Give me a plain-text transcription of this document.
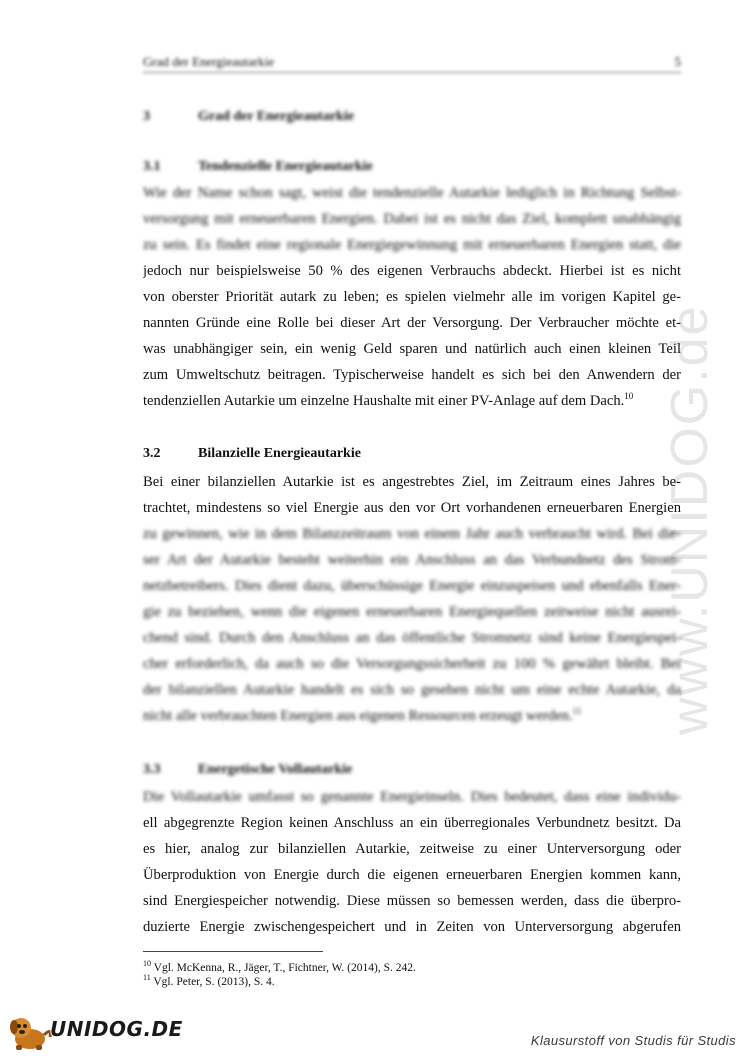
www.UNIDOG.de
Grad der Energieautarkie	5
3	Grad der Energieautarkie
3.1	Tendenzielle Energieautarkie
Wie der Name schon sagt, weist die tendenzielle Autarkie lediglich in Richtung Selbst-
versorgung mit erneuerbaren Energien. Dabei ist es nicht das Ziel, komplett unabhängig
zu sein. Es findet eine regionale Energiegewinnung mit erneuerbaren Energien statt, die
jedoch nur beispielsweise 50 % des eigenen Verbrauchs abdeckt. Hierbei ist es nicht
von oberster Priorität autark zu leben; es spielen vielmehr alle im vorigen Kapitel ge-
nannten Gründe eine Rolle bei dieser Art der Versorgung. Der Verbraucher möchte et-
was unabhängiger sein, ein wenig Geld sparen und natürlich auch einen kleinen Teil
zum Umweltschutz beitragen. Typischerweise handelt es sich bei den Anwendern der
tendenziellen Autarkie um einzelne Haushalte mit einer PV-Anlage auf dem Dach.$^{10}$
3.2	Bilanzielle Energieautarkie
Bei einer bilanziellen Autarkie ist es angestrebtes Ziel, im Zeitraum eines Jahres be-
trachtet, mindestens so viel Energie aus den vor Ort vorhandenen erneuerbaren Energien
zu gewinnen, wie in dem Bilanzzeitraum von einem Jahr auch verbraucht wird. Bei die-
ser Art der Autarkie besteht weiterhin ein Anschluss an das Verbundnetz des Strom-
netzbetreibers. Dies dient dazu, überschüssige Energie einzuspeisen und ebenfalls Ener-
gie zu beziehen, wenn die eigenen erneuerbaren Energiequellen zeitweise nicht ausrei-
chend sind. Durch den Anschluss an das öffentliche Stromnetz sind keine Energiespei-
cher erforderlich, da auch so die Versorgungssicherheit zu 100 % gewährt bleibt. Bei
der bilanziellen Autarkie handelt es sich so gesehen nicht um eine echte Autarkie, da
nicht alle verbrauchten Energien aus eigenen Ressourcen erzeugt werden.$^{11}$
3.3	Energetische Vollautarkie
Die Vollautarkie umfasst so genannte Energieinseln. Dies bedeutet, dass eine individu-
ell abgegrenzte Region keinen Anschluss an ein überregionales Verbundnetz besitzt. Da
es hier, analog zur bilanziellen Autarkie, zeitweise zu einer Unterversorgung oder
Überproduktion von Energie durch die eigenen erneuerbaren Energien kommen kann,
sind Energiespeicher notwendig. Diese müssen so bemessen werden, dass die überpro-
duzierte Energie zwischengespeichert und in Zeiten von Unterversorgung abgerufen
$^{10}$ Vgl. McKenna, R., Jäger, T., Fichtner, W. (2014), S. 242.
$^{11}$ Vgl. Peter, S. (2013), S. 4.
UNIDOG.DE	Klausurstoff von Studis für Studis
